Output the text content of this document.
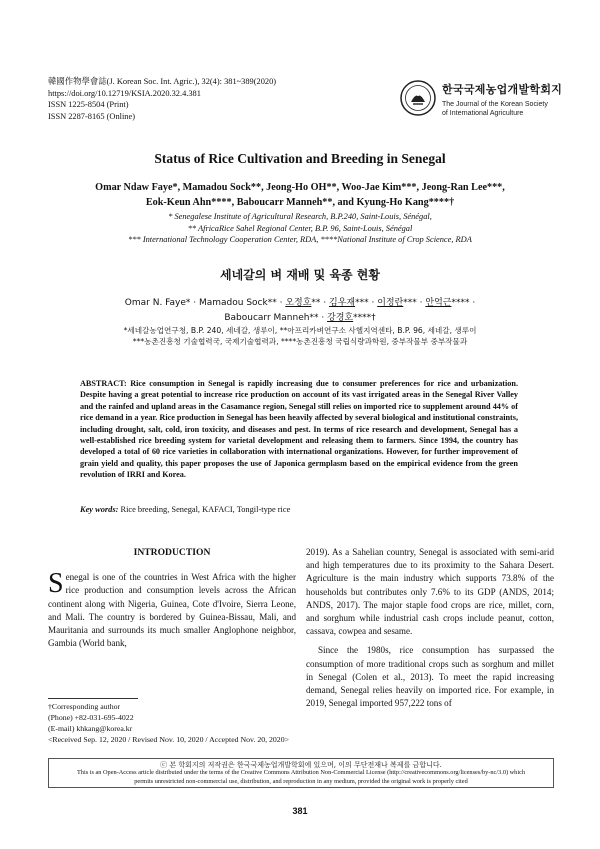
韓國作物學會誌(J. Korean Soc. Int. Agric.), 32(4): 381~389(2020)
https://doi.org/10.12719/KSIA.2020.32.4.381
ISSN 1225-8504 (Print)
ISSN 2287-8165 (Online)
한국국제농업개발학회지
The Journal of the Korean Society
of International Agriculture
Status of Rice Cultivation and Breeding in Senegal
Omar Ndaw Faye*, Mamadou Sock**, Jeong-Ho OH**, Woo-Jae Kim***, Jeong-Ran Lee***,
Eok-Keun Ahn****, Baboucarr Manneh**, and Kyung-Ho Kang****†
* Senegalese Institute of Agricultural Research, B.P.240, Saint-Louis, Sénégal,
** AfricaRice Sahel Regional Center, B.P. 96, Saint-Louis, Sénégal
*** International Technology Cooperation Center, RDA, ****National Institute of Crop Science, RDA
세네갈의 벼 재배 및 육종 현황
Omar N. Faye* · Mamadou Sock** · 오정호** · 김우재*** · 이정란*** · 안억근**** ·
Baboucarr Manneh** · 강경호****†
*세네갈농업연구청, B.P. 240, 세네갈, 생루이, **아프리카벼연구소 사헬지역센타, B.P. 96, 세네갈, 생루이
***농촌진흥청 기술협력국, 국제기술협력과, ****농촌진흥청 국립식량과학원, 중부작물부 중부작물과
ABSTRACT: Rice consumption in Senegal is rapidly increasing due to consumer preferences for rice and urbanization. Despite having a great potential to increase rice production on account of its vast irrigated areas in the Senegal River Valley and the rainfed and upland areas in the Casamance region, Senegal still relies on imported rice to supplement around 44% of rice demand in a year. Rice production in Senegal has been heavily affected by several biological and institutional constraints, including drought, salt, cold, iron toxicity, and diseases and pest. In terms of rice research and development, Senegal has a well-established rice breeding system for varietal development and releasing them to farmers. Since 1994, the country has developed a total of 60 rice varieties in collaboration with international organizations. However, for further improvement of grain yield and quality, this paper proposes the use of Japonica germplasm based on the empirical evidence from the green revolution of IRRI and Korea.
Key words: Rice breeding, Senegal, KAFACI, Tongil-type rice
INTRODUCTION

Senegal is one of the countries in West Africa with the higher rice production and consumption levels across the African continent along with Nigeria, Guinea, Cote d'Ivoire, Sierra Leone, and Mali. The country is bordered by Guinea-Bissau, Mali, and Mauritania and surrounds its much smaller Anglophone neighbor, Gambia (World bank,

2019). As a Sahelian country, Senegal is associated with semi-arid and high temperatures due to its proximity to the Sahara Desert. Agriculture is the main industry which supports 73.8% of the households but contributes only 7.6% to its GDP (ANDS, 2014; ANDS, 2017). The major staple food crops are rice, millet, corn, and sorghum while industrial cash crops include peanut, cotton, cassava, cowpea and sesame.

Since the 1980s, rice consumption has surpassed the consumption of more traditional crops such as sorghum and millet in Senegal (Colen et al., 2013). To meet the rapid increasing demand, Senegal relies heavily on imported rice. For example, in 2019, Senegal imported 957,222 tons of

†Corresponding author
(Phone) +82-031-695-4022
(E-mail) khkang@korea.kr
<Received Sep. 12, 2020 / Revised Nov. 10, 2020 / Accepted Nov. 20, 2020>
ⓒ 본 학회지의 저작권은 한국국제농업개발학회에 있으며, 이의 무단전재나 복제를 금합니다.
This is an Open-Access article distributed under the terms of the Creative Commons Attribution Non-Commercial License (http://creativecommons.org/licenses/by-nc/3.0) which
permits unrestricted non-commercial use, distribution, and reproduction in any medium, provided the original work is properly cited
381
